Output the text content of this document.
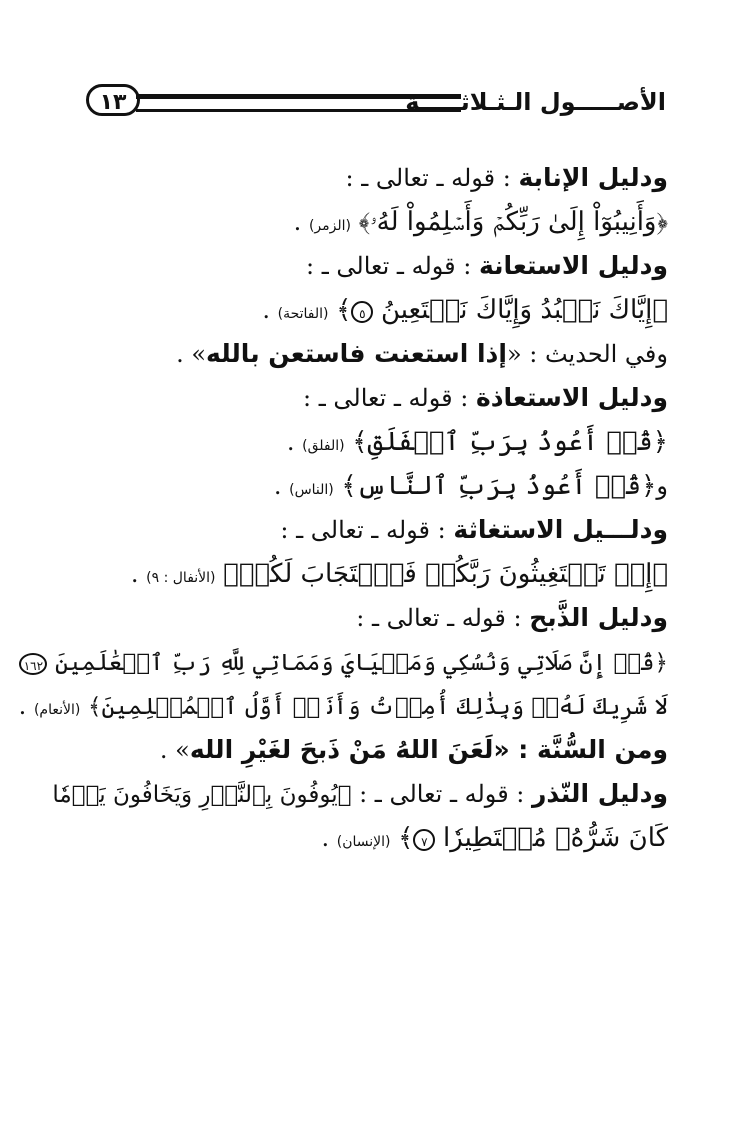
الأصـــــول الـثـلاثـــــة
١٣
ودليل الإنابة : قوله ـ تعالى ـ :
﴿وَأَنِيبُوٓاْ إِلَىٰ رَبِّكُمۡ وَأَسۡلِمُواْ لَهُۥ﴾ (الزمر) .
ودليل الاستعانة : قوله ـ تعالى ـ :
﴿إِيَّاكَ نَعۡبُدُ وَإِيَّاكَ نَسۡتَعِينُ ٥﴾ (الفاتحة) .
وفي الحديث : «إذا استعنت فاستعن بالله» .
ودليل الاستعاذة : قوله ـ تعالى ـ :
﴿قُلۡ أَعُوذُ بِرَبِّ ٱلۡفَلَقِ﴾ (الفلق) .
و﴿قُلۡ أَعُوذُ بِرَبِّ ٱلنَّاسِ﴾ (الناس) .
ودلـــيل الاستغاثة : قوله ـ تعالى ـ :
﴿إِذۡ تَسۡتَغِيثُونَ رَبَّكُمۡ فَٱسۡتَجَابَ لَكُمۡ﴾ (الأنفال : ٩) .
ودليل الذَّبح : قوله ـ تعالى ـ :
﴿قُلۡ إِنَّ صَلَاتِي وَنُسُكِي وَمَحۡيَايَ وَمَمَاتِي لِلَّهِ رَبِّ ٱلۡعَٰلَمِينَ ١٦٢
لَا شَرِيكَ لَهُۥۖ وَبِذَٰلِكَ أُمِرۡتُ وَأَنَا۠ أَوَّلُ ٱلۡمُسۡلِمِينَ﴾ (الأنعام) .
ومن السُّنَّة : «لَعَنَ اللهُ مَنْ ذَبحَ لغَيْرِ الله» .
ودليل النّذر : قوله ـ تعالى ـ : ﴿يُوفُونَ بِٱلنَّذۡرِ وَيَخَافُونَ يَوۡمٗا
كَانَ شَرُّهُۥ مُسۡتَطِيرٗا ٧﴾ (الإنسان) .
